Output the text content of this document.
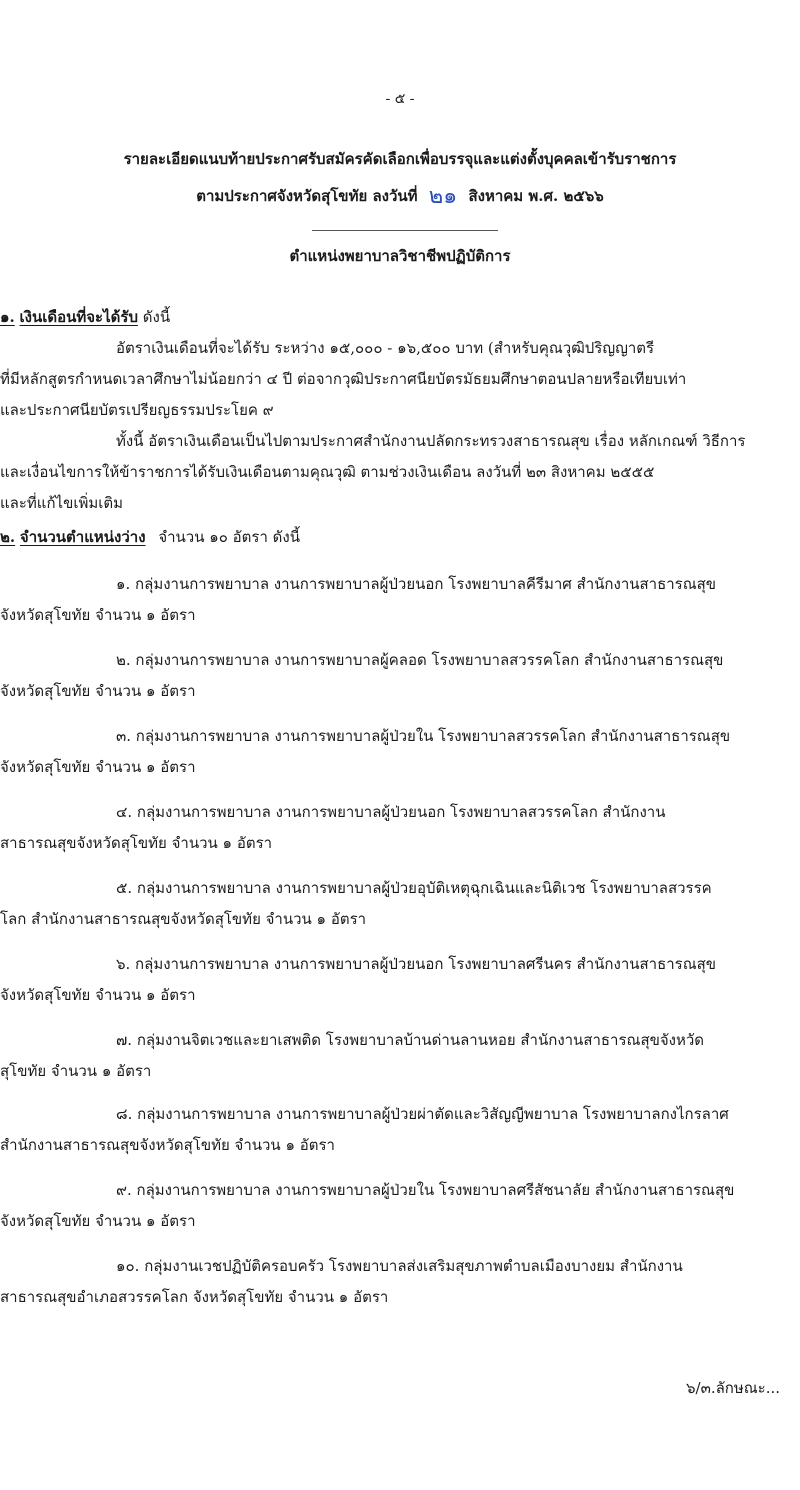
- ๕ -
รายละเอียดแนบท้ายประกาศรับสมัครคัดเลือกเพื่อบรรจุและแต่งตั้งบุคคลเข้ารับราชการ
ตามประกาศจังหวัดสุโขทัย ลงวันที่ ๒๑ สิงหาคม พ.ศ. ๒๕๖๖
ตำแหน่งพยาบาลวิชาชีพปฏิบัติการ
๑. เงินเดือนที่จะได้รับ ดังนี้
อัตราเงินเดือนที่จะได้รับ ระหว่าง ๑๕,๐๐๐ - ๑๖,๕๐๐ บาท (สำหรับคุณวุฒิปริญญาตรี
ที่มีหลักสูตรกำหนดเวลาศึกษาไม่น้อยกว่า ๔ ปี ต่อจากวุฒิประกาศนียบัตรมัธยมศึกษาตอนปลายหรือเทียบเท่า
และประกาศนียบัตรเปรียญธรรมประโยค ๙
ทั้งนี้ อัตราเงินเดือนเป็นไปตามประกาศสำนักงานปลัดกระทรวงสาธารณสุข เรื่อง หลักเกณฑ์ วิธีการ
และเงื่อนไขการให้ข้าราชการได้รับเงินเดือนตามคุณวุฒิ ตามช่วงเงินเดือน ลงวันที่ ๒๓ สิงหาคม ๒๕๕๕
และที่แก้ไขเพิ่มเติม
๒. จำนวนตำแหน่งว่าง จำนวน ๑๐ อัตรา ดังนี้
๑. กลุ่มงานการพยาบาล งานการพยาบาลผู้ป่วยนอก โรงพยาบาลคีรีมาศ สำนักงานสาธารณสุข
จังหวัดสุโขทัย จำนวน ๑ อัตรา
๒. กลุ่มงานการพยาบาล งานการพยาบาลผู้คลอด โรงพยาบาลสวรรคโลก สำนักงานสาธารณสุข
จังหวัดสุโขทัย จำนวน ๑ อัตรา
๓. กลุ่มงานการพยาบาล งานการพยาบาลผู้ป่วยใน โรงพยาบาลสวรรคโลก สำนักงานสาธารณสุข
จังหวัดสุโขทัย จำนวน ๑ อัตรา
๔. กลุ่มงานการพยาบาล งานการพยาบาลผู้ป่วยนอก โรงพยาบาลสวรรคโลก สำนักงาน
สาธารณสุขจังหวัดสุโขทัย จำนวน ๑ อัตรา
๕. กลุ่มงานการพยาบาล งานการพยาบาลผู้ป่วยอุบัติเหตุฉุกเฉินและนิติเวช โรงพยาบาลสวรรค
โลก สำนักงานสาธารณสุขจังหวัดสุโขทัย จำนวน ๑ อัตรา
๖. กลุ่มงานการพยาบาล งานการพยาบาลผู้ป่วยนอก โรงพยาบาลศรีนคร สำนักงานสาธารณสุข
จังหวัดสุโขทัย จำนวน ๑ อัตรา
๗. กลุ่มงานจิตเวชและยาเสพติด โรงพยาบาลบ้านด่านลานหอย สำนักงานสาธารณสุขจังหวัด
สุโขทัย จำนวน ๑ อัตรา
๘. กลุ่มงานการพยาบาล งานการพยาบาลผู้ป่วยผ่าตัดและวิสัญญีพยาบาล โรงพยาบาลกงไกรลาศ
สำนักงานสาธารณสุขจังหวัดสุโขทัย จำนวน ๑ อัตรา
๙. กลุ่มงานการพยาบาล งานการพยาบาลผู้ป่วยใน โรงพยาบาลศรีสัชนาลัย สำนักงานสาธารณสุข
จังหวัดสุโขทัย จำนวน ๑ อัตรา
๑๐. กลุ่มงานเวชปฏิบัติครอบครัว โรงพยาบาลส่งเสริมสุขภาพตำบลเมืองบางยม สำนักงาน
สาธารณสุขอำเภอสวรรคโลก จังหวัดสุโขทัย จำนวน ๑ อัตรา
๖/๓.ลักษณะ...
